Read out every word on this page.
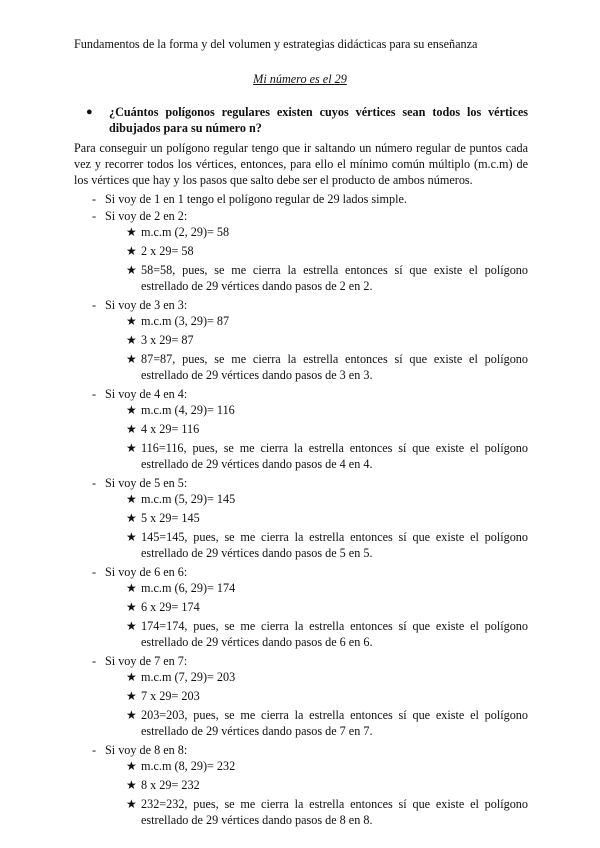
Fundamentos de la forma y del volumen y estrategias didácticas para su enseñanza
Mi número es el 29
● ¿Cuántos polígonos regulares existen cuyos vértices sean todos los vértices dibujados para su número n?
Para conseguir un polígono regular tengo que ir saltando un número regular de puntos cada vez y recorrer todos los vértices, entonces, para ello el mínimo común múltiplo (m.c.m) de los vértices que hay y los pasos que salto debe ser el producto de ambos números.
- Si voy de 1 en 1 tengo el polígono regular de 29 lados simple.
- Si voy de 2 en 2:
★ m.c.m (2, 29)= 58
★ 2 x 29= 58
★ 58=58, pues, se me cierra la estrella entonces sí que existe el polígono estrellado de 29 vértices dando pasos de 2 en 2.
- Si voy de 3 en 3:
★ m.c.m (3, 29)= 87
★ 3 x 29= 87
★ 87=87, pues, se me cierra la estrella entonces sí que existe el polígono estrellado de 29 vértices dando pasos de 3 en 3.
- Si voy de 4 en 4:
★ m.c.m (4, 29)= 116
★ 4 x 29= 116
★ 116=116, pues, se me cierra la estrella entonces sí que existe el polígono estrellado de 29 vértices dando pasos de 4 en 4.
- Si voy de 5 en 5:
★ m.c.m (5, 29)= 145
★ 5 x 29= 145
★ 145=145, pues, se me cierra la estrella entonces sí que existe el polígono estrellado de 29 vértices dando pasos de 5 en 5.
- Si voy de 6 en 6:
★ m.c.m (6, 29)= 174
★ 6 x 29= 174
★ 174=174, pues, se me cierra la estrella entonces sí que existe el polígono estrellado de 29 vértices dando pasos de 6 en 6.
- Si voy de 7 en 7:
★ m.c.m (7, 29)= 203
★ 7 x 29= 203
★ 203=203, pues, se me cierra la estrella entonces sí que existe el polígono estrellado de 29 vértices dando pasos de 7 en 7.
- Si voy de 8 en 8:
★ m.c.m (8, 29)= 232
★ 8 x 29= 232
★ 232=232, pues, se me cierra la estrella entonces sí que existe el polígono estrellado de 29 vértices dando pasos de 8 en 8.
